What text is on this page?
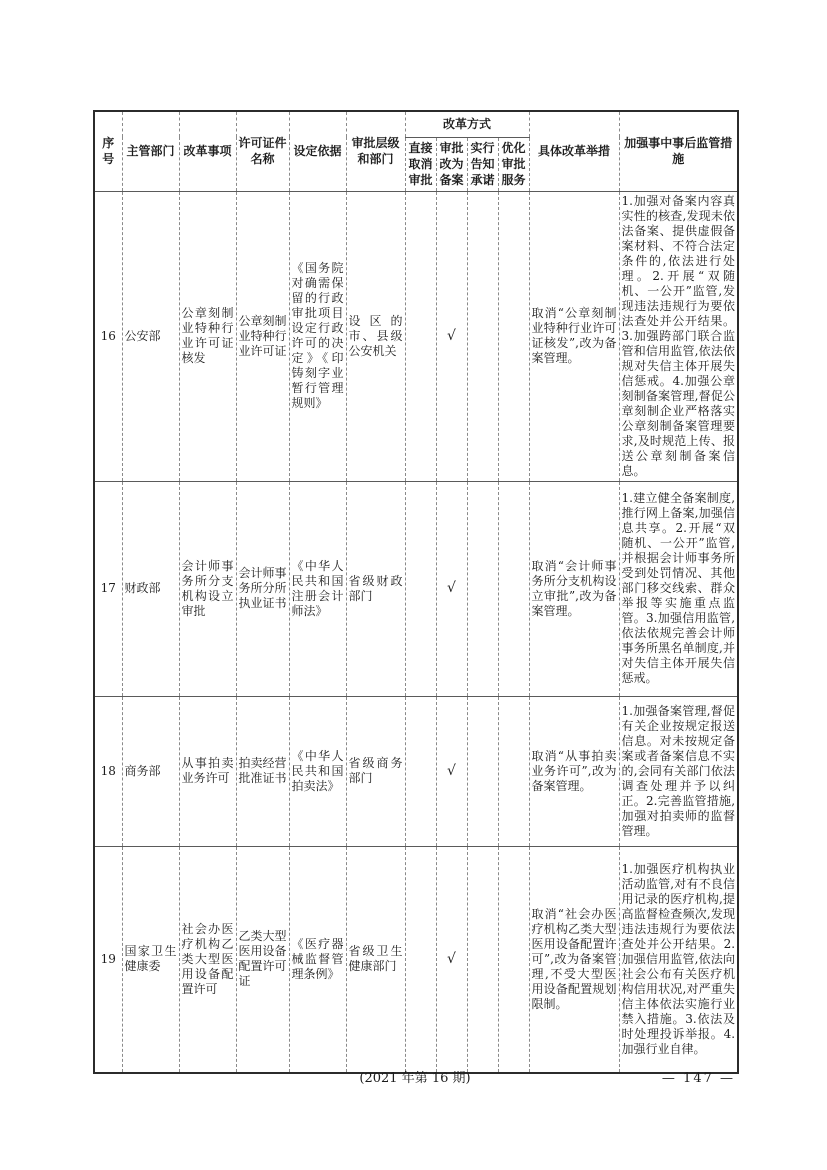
序号	主管部门	改革事项	许可证件名称	设定依据	审批层级和部门	改革方式				具体改革举措	加强事中事后监管措施
						直接取消审批	审批改为备案	实行告知承诺	优化审批服务		
16	公安部	公章刻制业特种行业许可证核发	公章刻制业特种行业许可证	《国务院对确需保留的行政审批项目设定行政许可的决定》《印铸刻字业暂行管理规则》	设区的市、县级公安机关		√			取消“公章刻制业特种行业许可证核发”,改为备案管理。	1.加强对备案内容真实性的核查,发现未依法备案、提供虚假备案材料、不符合法定条件的,依法进行处理。2.开展“双随机、一公开”监管,发现违法违规行为要依法查处并公开结果。3.加强跨部门联合监管和信用监管,依法依规对失信主体开展失信惩戒。4.加强公章刻制备案管理,督促公章刻制企业严格落实公章刻制备案管理要求,及时规范上传、报送公章刻制备案信息。
17	财政部	会计师事务所分支机构设立审批	会计师事务所分所执业证书	《中华人民共和国注册会计师法》	省级财政部门		√			取消“会计师事务所分支机构设立审批”,改为备案管理。	1.建立健全备案制度,推行网上备案,加强信息共享。2.开展“双随机、一公开”监管,并根据会计师事务所受到处罚情况、其他部门移交线索、群众举报等实施重点监管。3.加强信用监管,依法依规完善会计师事务所黑名单制度,并对失信主体开展失信惩戒。
18	商务部	从事拍卖业务许可	拍卖经营批准证书	《中华人民共和国拍卖法》	省级商务部门		√			取消“从事拍卖业务许可”,改为备案管理。	1.加强备案管理,督促有关企业按规定报送信息。对未按规定备案或者备案信息不实的,会同有关部门依法调查处理并予以纠正。2.完善监管措施,加强对拍卖师的监督管理。
19	国家卫生健康委	社会办医疗机构乙类大型医用设备配置许可	乙类大型医用设备配置许可证	《医疗器械监督管理条例》	省级卫生健康部门		√			取消“社会办医疗机构乙类大型医用设备配置许可”,改为备案管理,不受大型医用设备配置规划限制。	1.加强医疗机构执业活动监管,对有不良信用记录的医疗机构,提高监督检查频次,发现违法违规行为要依法查处并公开结果。2.加强信用监管,依法向社会公布有关医疗机构信用状况,对严重失信主体依法实施行业禁入措施。3.依法及时处理投诉举报。4.加强行业自律。
(2021 年第 16 期)	— 147 —
